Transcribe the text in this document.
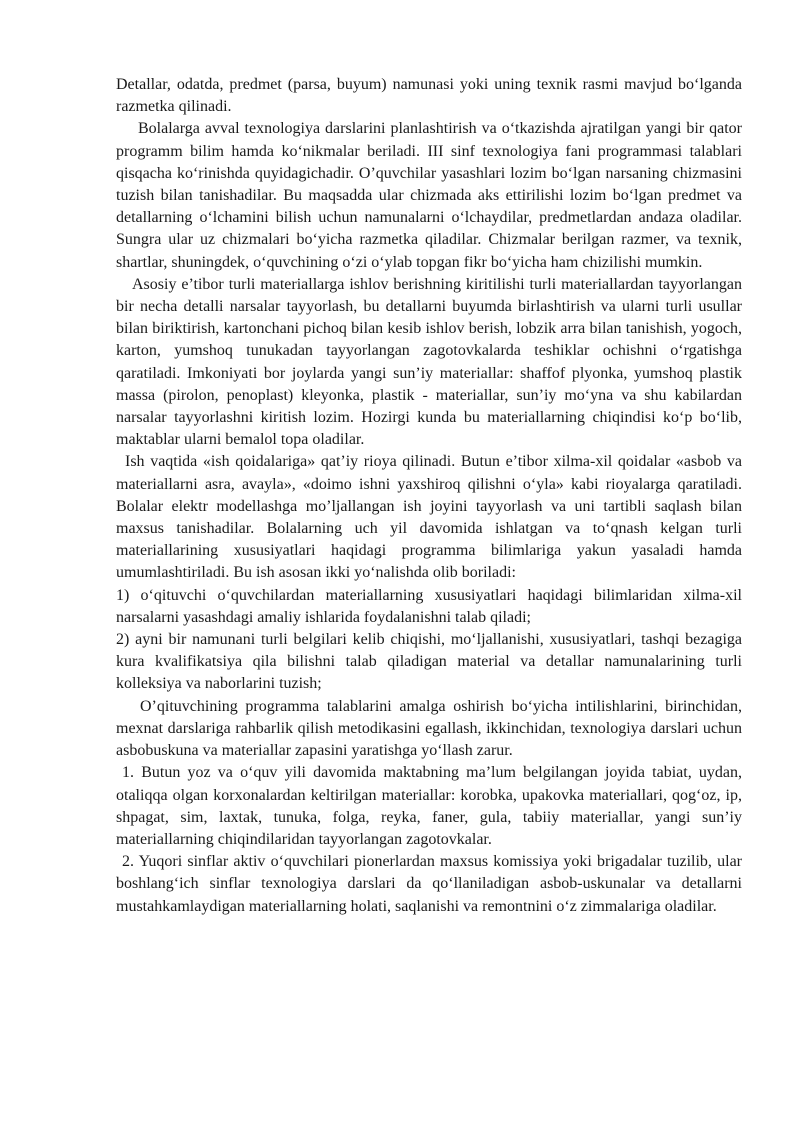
Detallar, odatda, predmet (parsa, buyum) namunasi yoki uning texnik rasmi mavjud bo‘lganda razmetka qilinadi.

Bolalarga avval texnologiya darslarini planlashtirish va o‘tkazishda ajratilgan yangi bir qator programm bilim hamda ko‘nikmalar beriladi. III sinf texnologiya fani programmasi talablari qisqacha ko‘rinishda quyidagichadir. O’quvchilar yasashlari lozim bo‘lgan narsaning chizmasini tuzish bilan tanishadilar. Bu maqsadda ular chizmada aks ettirilishi lozim bo‘lgan predmet va detallarning o‘lchamini bilish uchun namunalarni o‘lchaydilar, predmetlardan andaza oladilar. Sungra ular uz chizmalari bo‘yicha razmetka qiladilar. Chizmalar berilgan razmer, va texnik, shartlar, shuningdek, o‘quvchining o‘zi o‘ylab topgan fikr bo‘yicha ham chizilishi mumkin.

Asosiy e’tibor turli materiallarga ishlov berishning kiritilishi turli materiallardan tayyorlangan bir necha detalli narsalar tayyorlash, bu detallarni buyumda birlashtirish va ularni turli usullar bilan biriktirish, kartonchani pichoq bilan kesib ishlov berish, lobzik arra bilan tanishish, yogoch, karton, yumshoq tunukadan tayyorlangan zagotovkalarda teshiklar ochishni o‘rgatishga qaratiladi. Imkoniyati bor joylarda yangi sun’iy materiallar: shaffof plyonka, yumshoq plastik massa (pirolon, penoplast) kleyonka, plastik - materiallar, sun’iy mo‘yna va shu kabilardan narsalar tayyorlashni kiritish lozim. Hozirgi kunda bu materiallarning chiqindisi ko‘p bo‘lib, maktablar ularni bemalol topa oladilar.

Ish vaqtida «ish qoidalariga» qat’iy rioya qilinadi. Butun e’tibor xilma-xil qoidalar «asbob va materiallarni asra, avayla», «doimo ishni yaxshiroq qilishni o‘yla» kabi rioyalarga qaratiladi. Bolalar elektr modellashga mo’ljallangan ish joyini tayyorlash va uni tartibli saqlash bilan maxsus tanishadilar. Bolalarning uch yil davomida ishlatgan va to‘qnash kelgan turli materiallarining xususiyatlari haqidagi programma bilimlariga yakun yasaladi hamda umumlashtiriladi. Bu ish asosan ikki yo‘nalishda olib boriladi:

1) o‘qituvchi o‘quvchilardan materiallarning xususiyatlari haqidagi bilimlaridan xilma-xil narsalarni yasashdagi amaliy ishlarida foydalanishni talab qiladi;

2) ayni bir namunani turli belgilari kelib chiqishi, mo‘ljallanishi, xususiyatlari, tashqi bezagiga kura kvalifikatsiya qila bilishni talab qiladigan material va detallar namunalarining turli kolleksiya va naborlarini tuzish;

O’qituvchining programma talablarini amalga oshirish bo‘yicha intilishlarini, birinchidan, mexnat darslariga rahbarlik qilish metodikasini egallash, ikkinchidan, texnologiya darslari uchun asbobuskuna va materiallar zapasini yaratishga yo‘llash zarur.

1. Butun yoz va o‘quv yili davomida maktabning ma’lum belgilangan joyida tabiat, uydan, otaliqqa olgan korxonalardan keltirilgan materiallar: korobka, upakovka materiallari, qog‘oz, ip, shpagat, sim, laxtak, tunuka, folga, reyka, faner, gula, tabiiy materiallar, yangi sun’iy materiallarning chiqindilaridan tayyorlangan zagotovkalar.

2. Yuqori sinflar aktiv o‘quvchilari pionerlardan maxsus komissiya yoki brigadalar tuzilib, ular boshlang‘ich sinflar texnologiya darslari da qo‘llaniladigan asbob-uskunalar va detallarni mustahkamlaydigan materiallarning holati, saqlanishi va remontnini o‘z zimmalariga oladilar.
